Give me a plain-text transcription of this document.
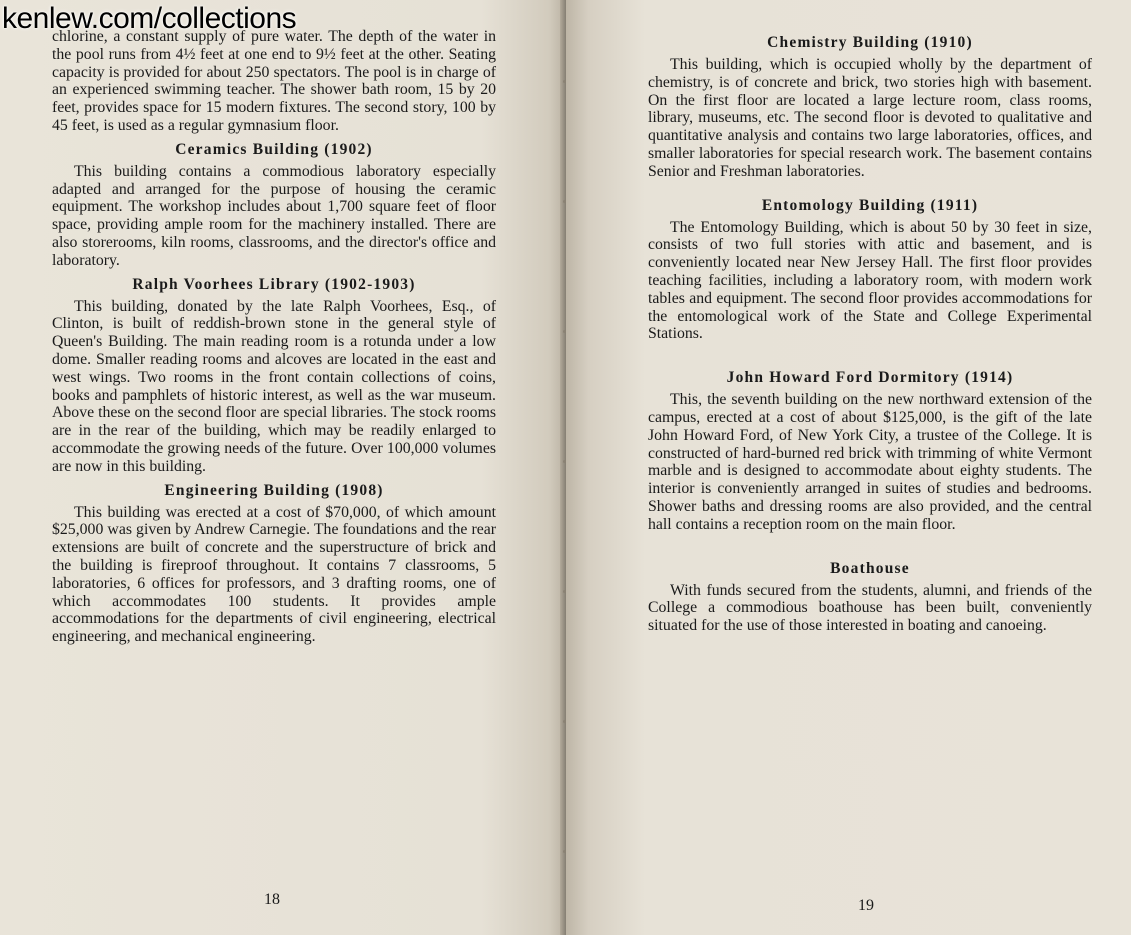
chlorine, a constant supply of pure water. The depth of the water in the pool runs from 4½ feet at one end to 9½ feet at the other. Seating capacity is provided for about 250 spectators. The pool is in charge of an experienced swimming teacher. The shower bath room, 15 by 20 feet, provides space for 15 modern fixtures. The second story, 100 by 45 feet, is used as a regular gymnasium floor.

Ceramics Building (1902)

This building contains a commodious laboratory especially adapted and arranged for the purpose of housing the ceramic equipment. The workshop includes about 1,700 square feet of floor space, providing ample room for the machinery installed. There are also storerooms, kiln rooms, classrooms, and the director's office and laboratory.

Ralph Voorhees Library (1902-1903)

This building, donated by the late Ralph Voorhees, Esq., of Clinton, is built of reddish-brown stone in the general style of Queen's Building. The main reading room is a rotunda under a low dome. Smaller reading rooms and alcoves are located in the east and west wings. Two rooms in the front contain collections of coins, books and pamphlets of historic interest, as well as the war museum. Above these on the second floor are special libraries. The stock rooms are in the rear of the building, which may be readily enlarged to accommodate the growing needs of the future. Over 100,000 volumes are now in this building.

Engineering Building (1908)

This building was erected at a cost of $70,000, of which amount $25,000 was given by Andrew Carnegie. The foundations and the rear extensions are built of concrete and the superstructure of brick and the building is fireproof throughout. It contains 7 classrooms, 5 laboratories, 6 offices for professors, and 3 drafting rooms, one of which accommodates 100 students. It provides ample accommodations for the departments of civil engineering, electrical engineering, and mechanical engineering.

18
Chemistry Building (1910)

This building, which is occupied wholly by the department of chemistry, is of concrete and brick, two stories high with basement. On the first floor are located a large lecture room, class rooms, library, museums, etc. The second floor is devoted to qualitative and quantitative analysis and contains two large laboratories, offices, and smaller laboratories for special research work. The basement contains Senior and Freshman laboratories.

Entomology Building (1911)

The Entomology Building, which is about 50 by 30 feet in size, consists of two full stories with attic and basement, and is conveniently located near New Jersey Hall. The first floor provides teaching facilities, including a laboratory room, with modern work tables and equipment. The second floor provides accommodations for the entomological work of the State and College Experimental Stations.

John Howard Ford Dormitory (1914)

This, the seventh building on the new northward extension of the campus, erected at a cost of about $125,000, is the gift of the late John Howard Ford, of New York City, a trustee of the College. It is constructed of hard-burned red brick with trimming of white Vermont marble and is designed to accommodate about eighty students. The interior is conveniently arranged in suites of studies and bedrooms. Shower baths and dressing rooms are also provided, and the central hall contains a reception room on the main floor.

Boathouse

With funds secured from the students, alumni, and friends of the College a commodious boathouse has been built, conveniently situated for the use of those interested in boating and canoeing.

19
kenlew.com/collections
